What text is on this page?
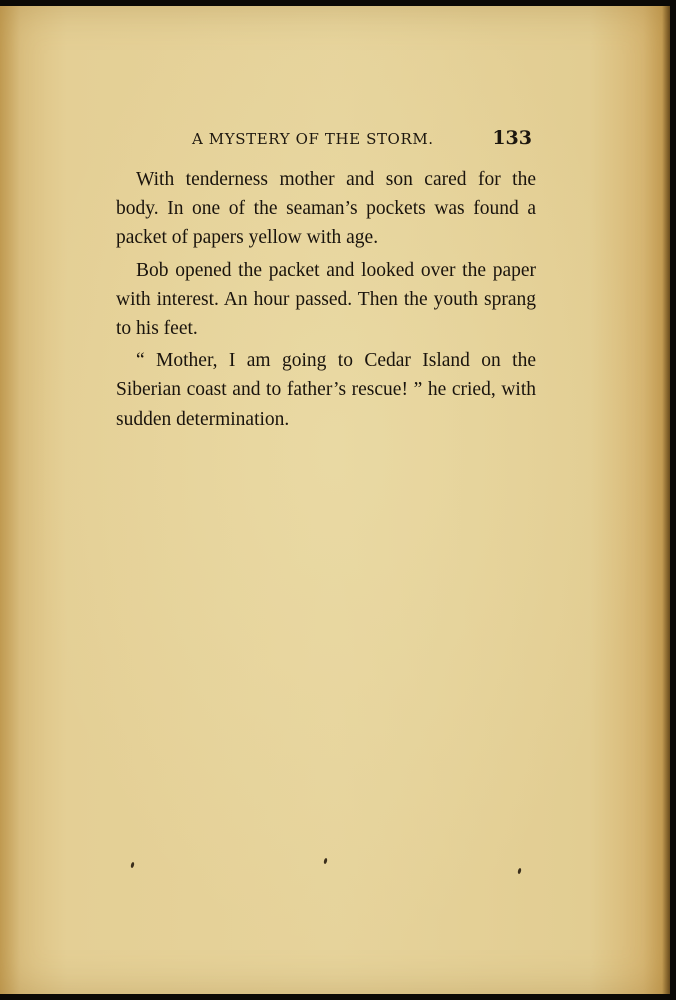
A MYSTERY OF THE STORM.	133

With tenderness mother and son cared for the body. In one of the seaman’s pockets was found a packet of papers yellow with age.

Bob opened the packet and looked over the paper with interest. An hour passed. Then the youth sprang to his feet.

“ Mother, I am going to Cedar Island on the Siberian coast and to father’s rescue! ” he cried, with sudden determination.
